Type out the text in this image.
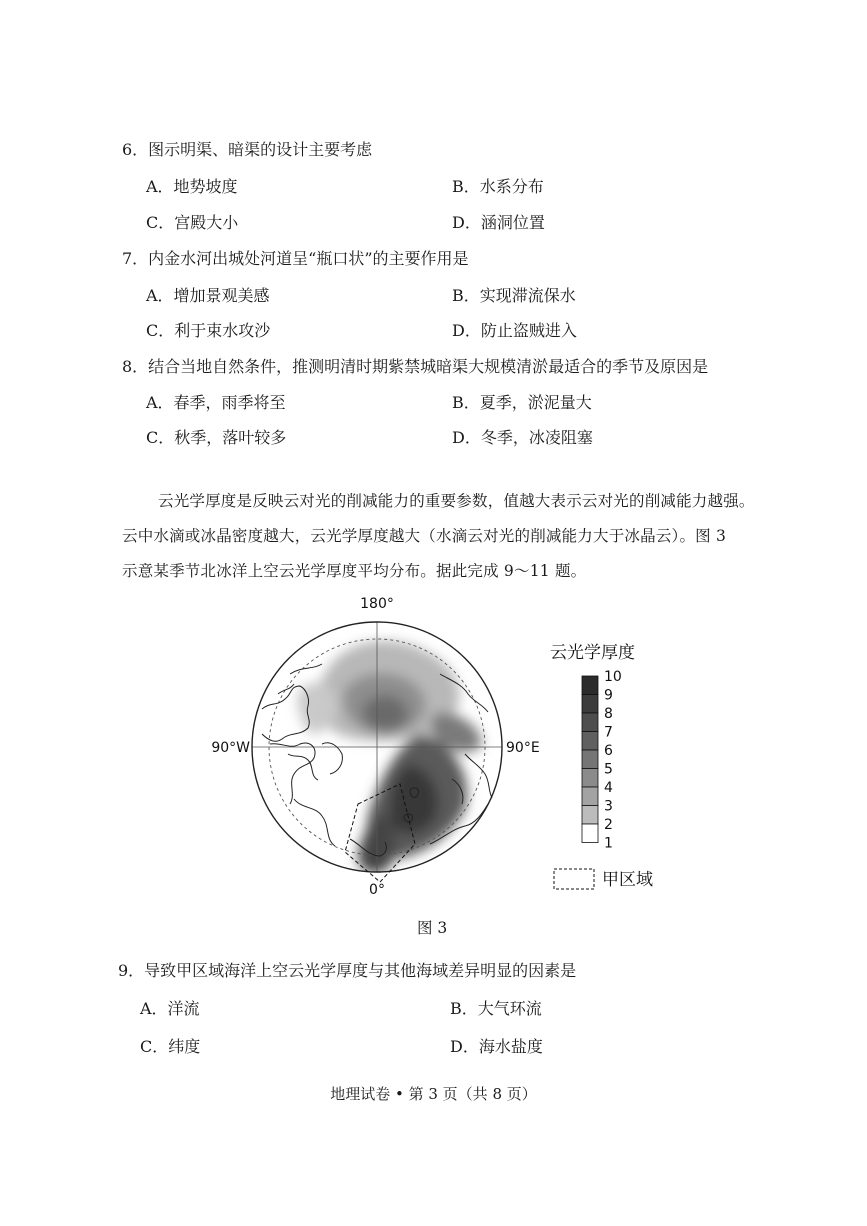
6．图示明渠、暗渠的设计主要考虑
A．地势坡度	B．水系分布
C．宫殿大小	D．涵洞位置
7．内金水河出城处河道呈“瓶口状”的主要作用是
A．增加景观美感	B．实现滞流保水
C．利于束水攻沙	D．防止盗贼进入
8．结合当地自然条件，推测明清时期紫禁城暗渠大规模清淤最适合的季节及原因是
A．春季，雨季将至	B．夏季，淤泥量大
C．秋季，落叶较多	D．冬季，冰凌阻塞
云光学厚度是反映云对光的削减能力的重要参数，值越大表示云对光的削减能力越强。
云中水滴或冰晶密度越大，云光学厚度越大（水滴云对光的削减能力大于冰晶云）。图 3
示意某季节北冰洋上空云光学厚度平均分布。据此完成 9～11 题。
180°
0°
90°W	90°E
云光学厚度
10
9
8
7
6
5
4
3
2
1
甲区域
图 3
9．导致甲区域海洋上空云光学厚度与其他海域差异明显的因素是
A．洋流	B．大气环流
C．纬度	D．海水盐度
地理试卷 • 第 3 页（共 8 页）
